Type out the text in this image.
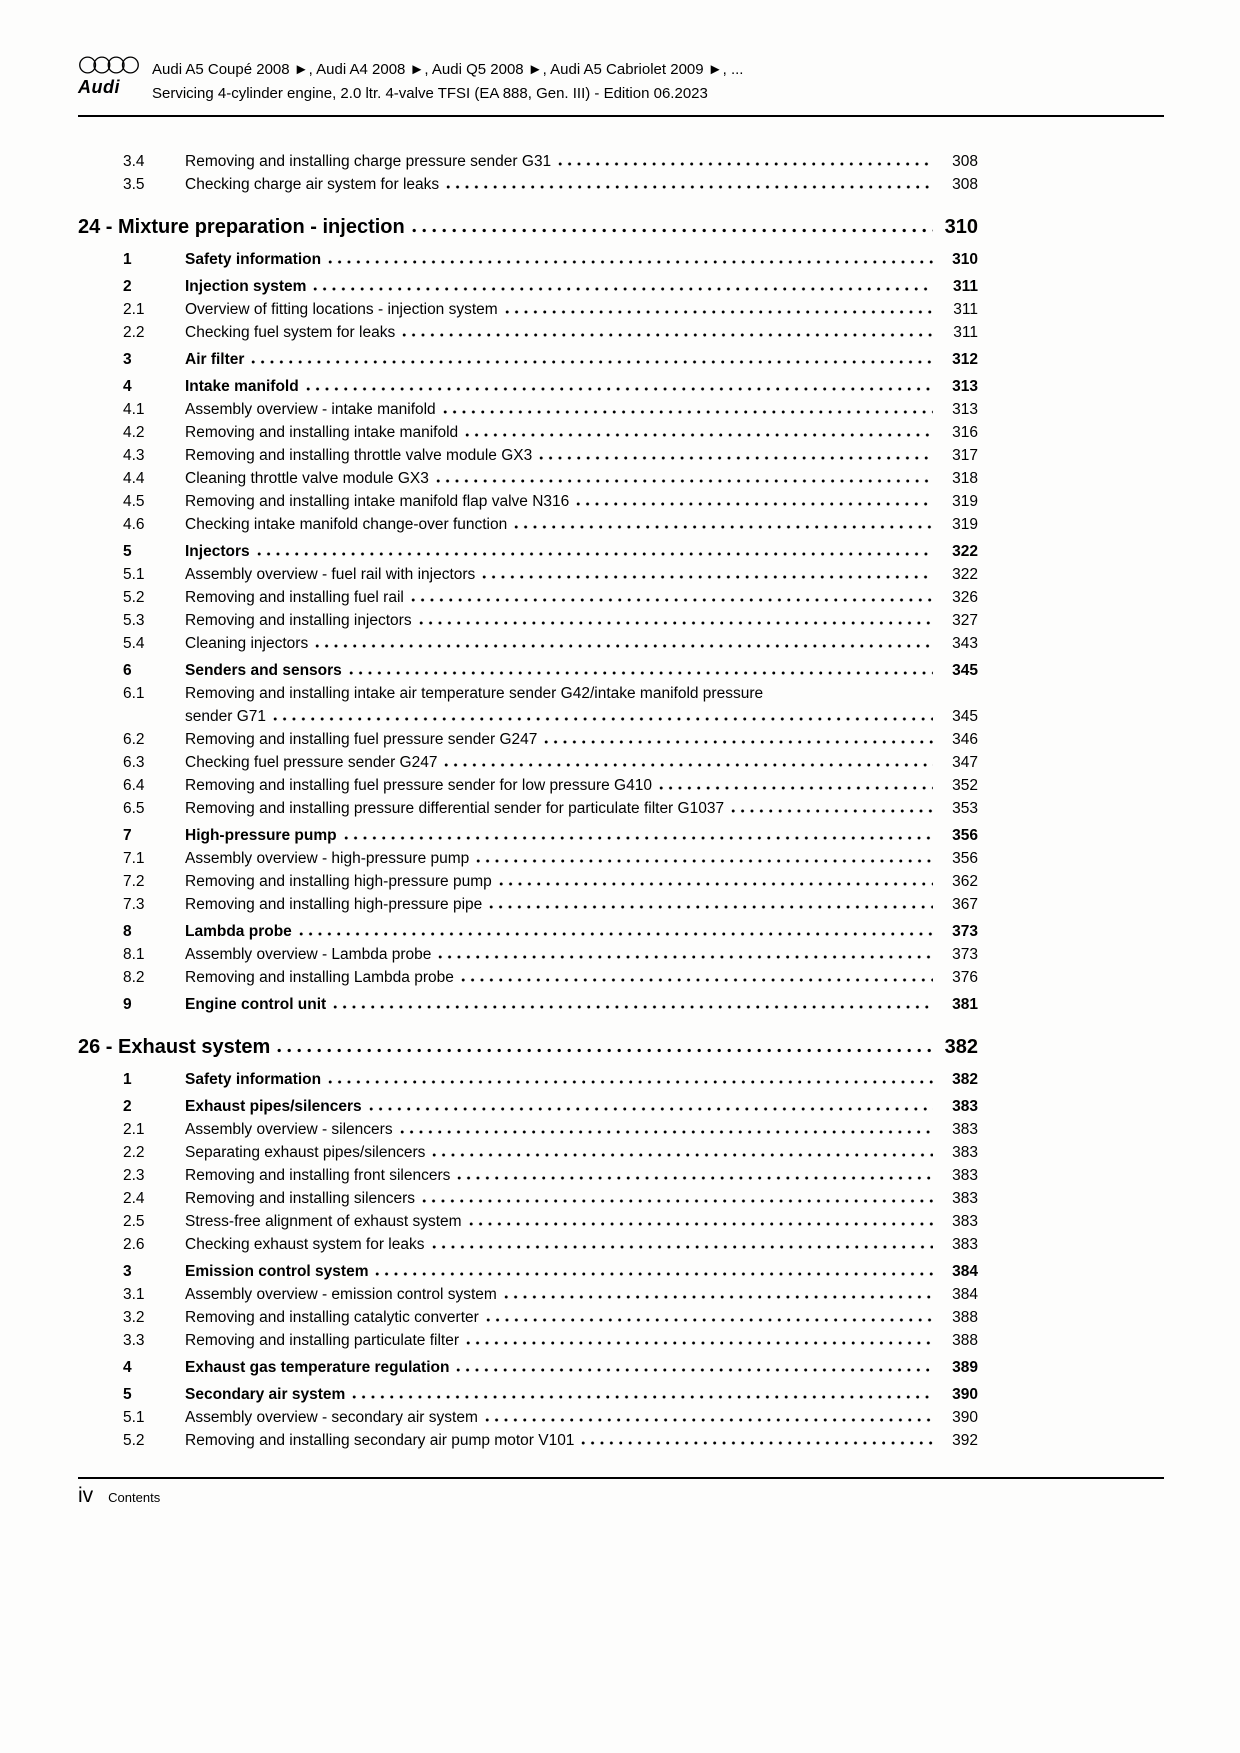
Audi
Audi A5 Coupé 2008 ►, Audi A4 2008 ►, Audi Q5 2008 ►, Audi A5 Cabriolet 2009 ►, ...
Servicing 4-cylinder engine, 2.0 ltr. 4-valve TFSI (EA 888, Gen. III) - Edition 06.2023
3.4	Removing and installing charge pressure sender G31	308
3.5	Checking charge air system for leaks	308
24 - Mixture preparation - injection	310
1	Safety information	310
2	Injection system	311
2.1	Overview of fitting locations - injection system	311
2.2	Checking fuel system for leaks	311
3	Air filter	312
4	Intake manifold	313
4.1	Assembly overview - intake manifold	313
4.2	Removing and installing intake manifold	316
4.3	Removing and installing throttle valve module GX3	317
4.4	Cleaning throttle valve module GX3	318
4.5	Removing and installing intake manifold flap valve N316	319
4.6	Checking intake manifold change-over function	319
5	Injectors	322
5.1	Assembly overview - fuel rail with injectors	322
5.2	Removing and installing fuel rail	326
5.3	Removing and installing injectors	327
5.4	Cleaning injectors	343
6	Senders and sensors	345
6.1	Removing and installing intake air temperature sender G42/intake manifold pressure
sender G71	345
6.2	Removing and installing fuel pressure sender G247	346
6.3	Checking fuel pressure sender G247	347
6.4	Removing and installing fuel pressure sender for low pressure G410	352
6.5	Removing and installing pressure differential sender for particulate filter G1037	353
7	High-pressure pump	356
7.1	Assembly overview - high-pressure pump	356
7.2	Removing and installing high-pressure pump	362
7.3	Removing and installing high-pressure pipe	367
8	Lambda probe	373
8.1	Assembly overview - Lambda probe	373
8.2	Removing and installing Lambda probe	376
9	Engine control unit	381
26 - Exhaust system	382
1	Safety information	382
2	Exhaust pipes/silencers	383
2.1	Assembly overview - silencers	383
2.2	Separating exhaust pipes/silencers	383
2.3	Removing and installing front silencers	383
2.4	Removing and installing silencers	383
2.5	Stress-free alignment of exhaust system	383
2.6	Checking exhaust system for leaks	383
3	Emission control system	384
3.1	Assembly overview - emission control system	384
3.2	Removing and installing catalytic converter	388
3.3	Removing and installing particulate filter	388
4	Exhaust gas temperature regulation	389
5	Secondary air system	390
5.1	Assembly overview - secondary air system	390
5.2	Removing and installing secondary air pump motor V101	392
iv Contents
